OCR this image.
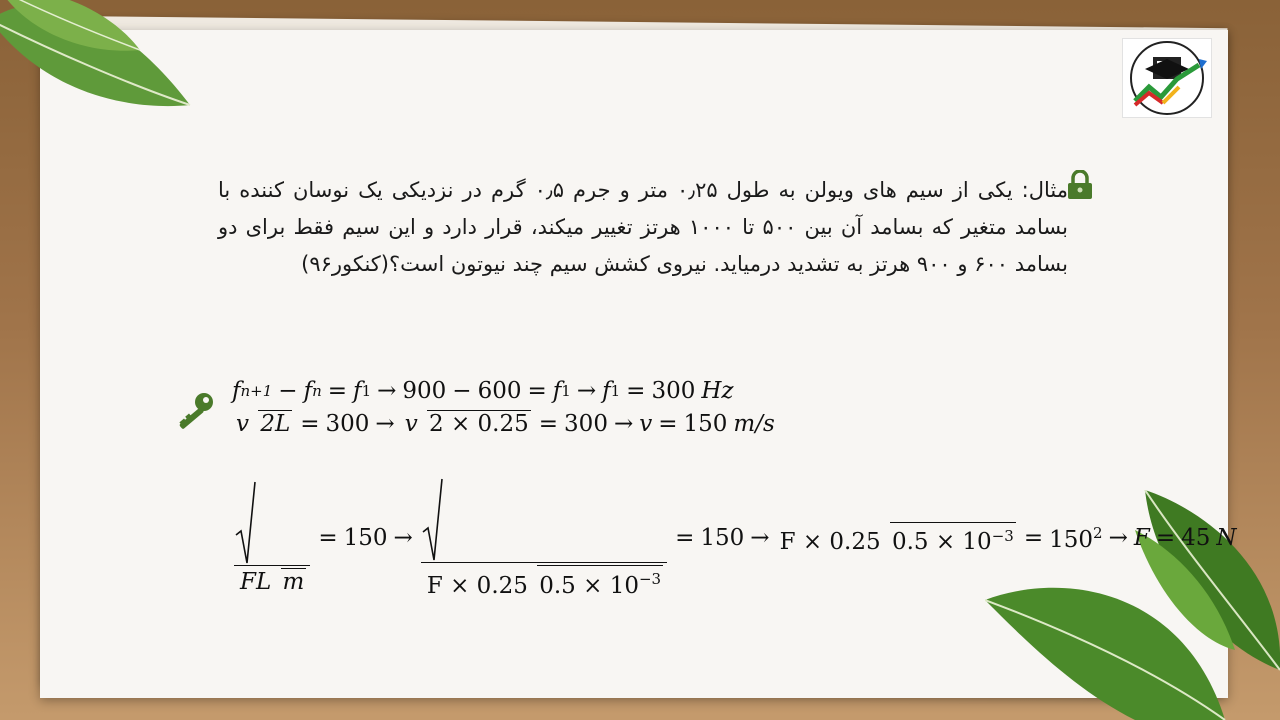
مثال: یکی از سیم های ویولن به طول ۰٫۲۵ متر و جرم ۰٫۵ گرم در نزدیکی یک نوسان کننده با بسامد متغیر که بسامد آن بین ۵۰۰ تا ۱۰۰۰ هرتز تغییر میکند، قرار دارد و این سیم فقط برای دو بسامد ۶۰۰ و ۹۰۰ هرتز به تشدید درمیاید. نیروی کشش سیم چند نیوتون است؟(کنکور۹۶)
f n+1 − f n = f 1 → 900 − 600 = f 1 → f 1 = 300 Hz
v 2L = 300 → v 2 × 0.25 = 300 → v = 150 m/s
FL m
= 150 →
F × 0.25 $0.5 \times 10^{-3}$
= 150 → F × 0.25 $0.5 \times 10^{-3} = 150^2 \to F = 45$ N
